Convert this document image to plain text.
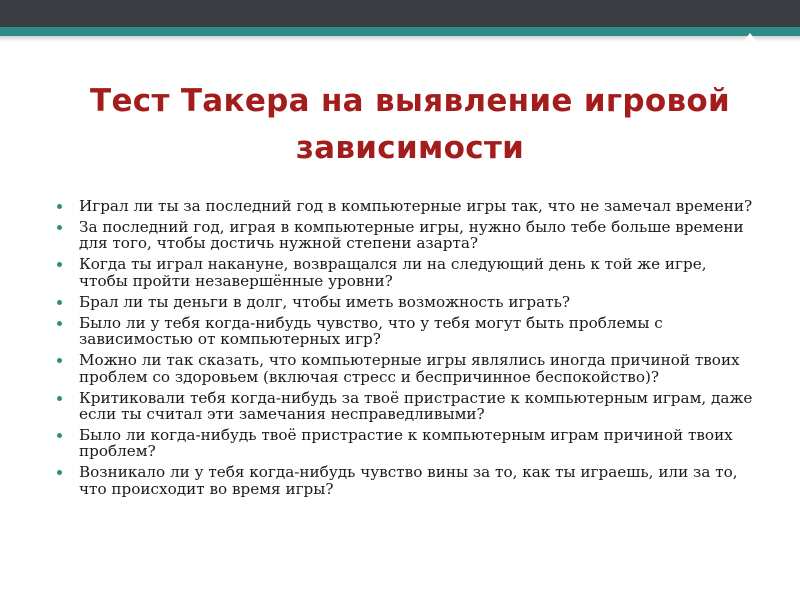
Тест Такера на выявление игровой
зависимости
Играл ли ты за последний год в компьютерные игры так, что не замечал времени?
За последний год, играя в компьютерные игры, нужно было тебе больше времени для того, чтобы достичь нужной степени азарта?
Когда ты играл накануне, возвращался ли на следующий день к той же игре, чтобы пройти незавершённые уровни?
Брал ли ты деньги в долг, чтобы иметь возможность играть?
Было ли у тебя когда-нибудь чувство, что у тебя могут быть проблемы с зависимостью от компьютерных игр?
Можно ли так сказать, что компьютерные игры являлись иногда причиной твоих проблем со здоровьем (включая стресс и беспричинное беспокойство)?
Критиковали тебя когда-нибудь за твоё пристрастие к компьютерным играм, даже если ты считал эти замечания несправедливыми?
Было ли когда-нибудь твоё пристрастие к компьютерным играм причиной твоих проблем?
Возникало ли у тебя когда-нибудь чувство вины за то, как ты играешь, или за то, что происходит во время игры?
